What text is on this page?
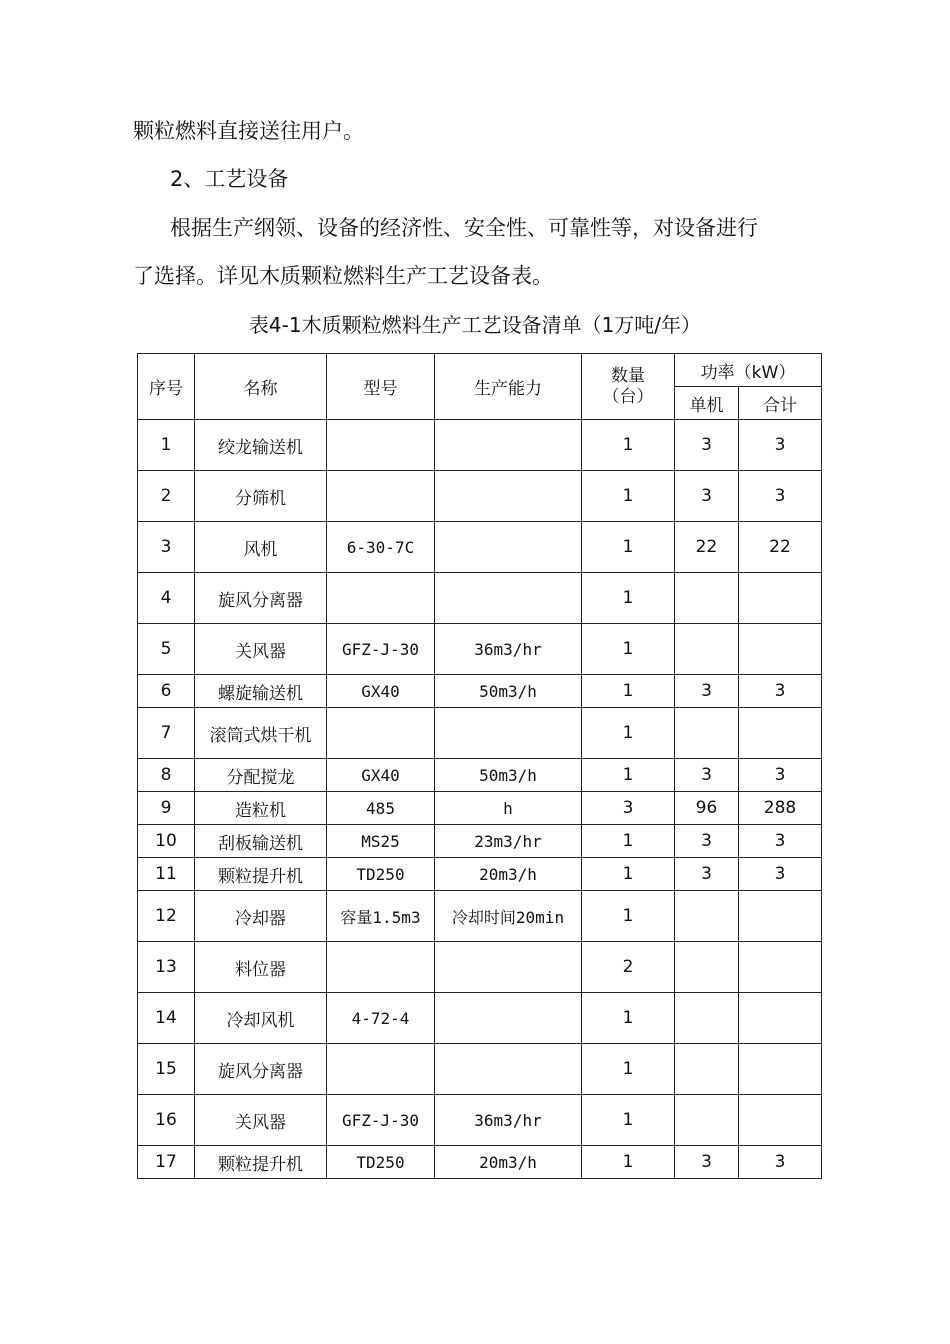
颗粒燃料直接送往用户。
2、工艺设备
根据生产纲领、设备的经济性、安全性、可靠性等，对设备进行
了选择。详见木质颗粒燃料生产工艺设备表。
表4-1木质颗粒燃料生产工艺设备清单（1万吨/年）
序号	名称	型号	生产能力	数量
（台）	功率（kW）	
					单机	合计
1	绞龙输送机			1	3	3
2	分筛机			1	3	3
3	风机	6-30-7C		1	22	22
4	旋风分离器			1		
5	关风器	GFZ-J-30	36m3/hr	1		
6	螺旋输送机	GX40	50m3/h	1	3	3
7	滚筒式烘干机			1		
8	分配搅龙	GX40	50m3/h	1	3	3
9	造粒机	485	h	3	96	288
10	刮板输送机	MS25	23m3/hr	1	3	3
11	颗粒提升机	TD250	20m3/h	1	3	3
12	冷却器	容量1.5m3	冷却时间20min	1		
13	料位器			2		
14	冷却风机	4-72-4		1		
15	旋风分离器			1		
16	关风器	GFZ-J-30	36m3/hr	1		
17	颗粒提升机	TD250	20m3/h	1	3	3
